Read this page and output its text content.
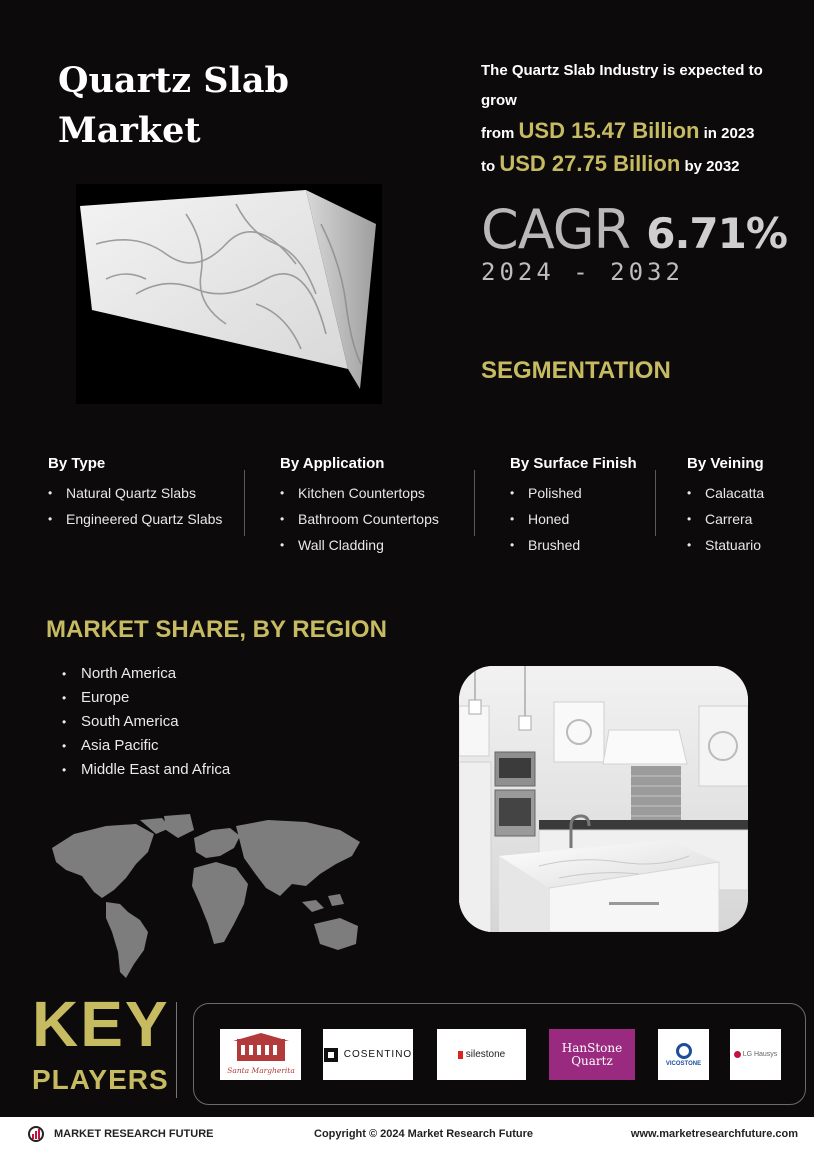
Quartz Slab Market
The Quartz Slab Industry is expected to grow
from USD 15.47 Billion in 2023
to USD 27.75 Billion by 2032
CAGR 6.71%
2024 - 2032
SEGMENTATION
By Type
• Natural Quartz Slabs
• Engineered Quartz Slabs
By Application
• Kitchen Countertops
• Bathroom Countertops
• Wall Cladding
By Surface Finish
• Polished
• Honed
• Brushed
By Veining
• Calacatta
• Carrera
• Statuario
MARKET SHARE, BY REGION
• North America
• Europe
• South America
• Asia Pacific
• Middle East and Africa
KEY
PLAYERS	Santa Margherita
COSENTINO	silestone	HanStone Quartz	VICOSTONE
LG Hausys
MARKET RESEARCH FUTURE	Copyright © 2024 Market Research Future	www.marketresearchfuture.com
